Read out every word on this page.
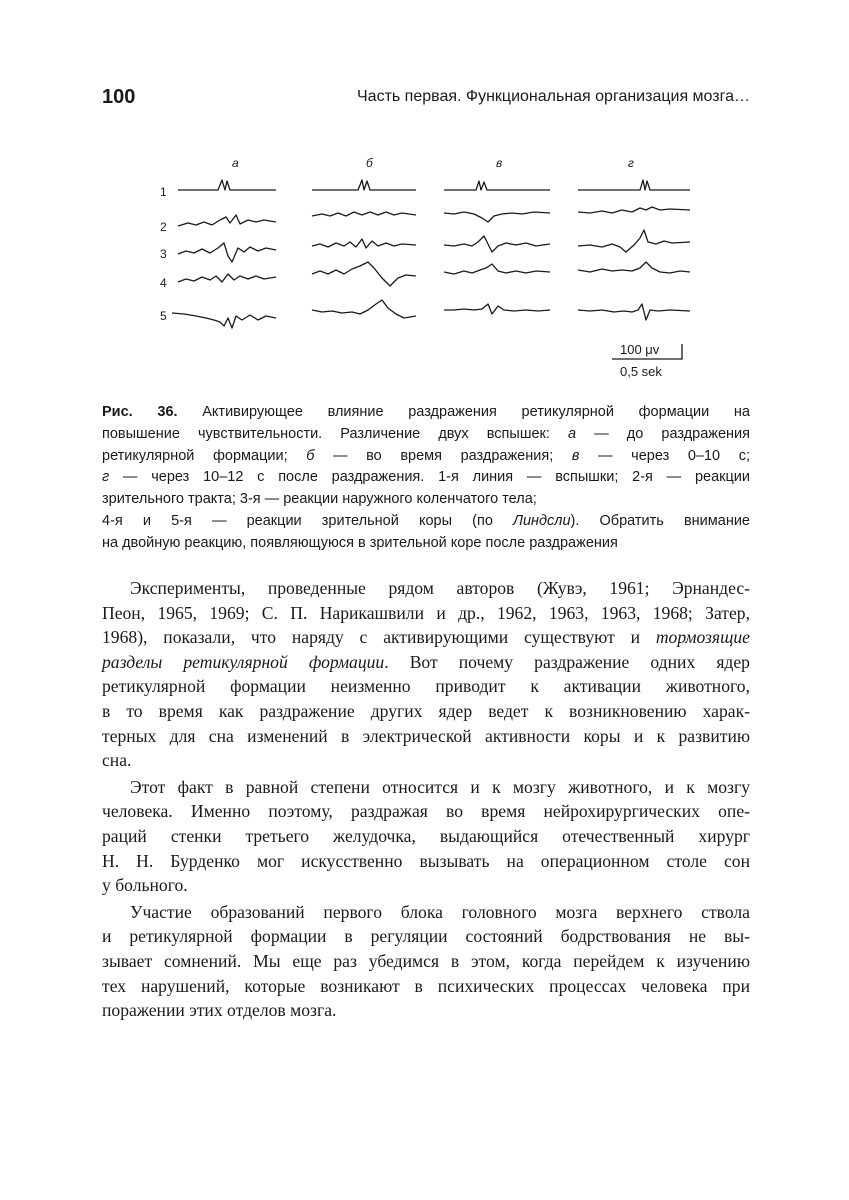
100	Часть первая. Функциональная организация мозга…
а	б	в	г
1
2
3
4
5
100 μv
0,5 sek

Рис. 36. Активирующее влияние раздражения ретикулярной формации на
повышение чувствительности. Различение двух вспышек: а — до раздражения
ретикулярной формации; б — во время раздражения; в — через 0–10 с;
г — через 10–12 с после раздражения. 1-я линия — вспышки; 2-я — реакции
зрительного тракта; 3-я — реакции наружного коленчатого тела;
4-я и 5-я — реакции зрительной коры (по Линдсли). Обратить внимание
на двойную реакцию, появляющуюся в зрительной коре после раздражения

Эксперименты, проведенные рядом авторов (Жувэ, 1961; Эрнандес-
Пеон, 1965, 1969; С. П. Нарикашвили и др., 1962, 1963, 1963, 1968; Затер,
1968), показали, что наряду с активирующими существуют и тормозящие
разделы ретикулярной формации. Вот почему раздражение одних ядер
ретикулярной формации неизменно приводит к активации животного,
в то время как раздражение других ядер ведет к возникновению харак-
терных для сна изменений в электрической активности коры и к развитию
сна.

Этот факт в равной степени относится и к мозгу животного, и к мозгу
человека. Именно поэтому, раздражая во время нейрохирургических опе-
раций стенки третьего желудочка, выдающийся отечественный хирург
Н. Н. Бурденко мог искусственно вызывать на операционном столе сон
у больного.

Участие образований первого блока головного мозга верхнего ствола
и ретикулярной формации в регуляции состояний бодрствования не вы-
зывает сомнений. Мы еще раз убедимся в этом, когда перейдем к изучению
тех нарушений, которые возникают в психических процессах человека при
поражении этих отделов мозга.
